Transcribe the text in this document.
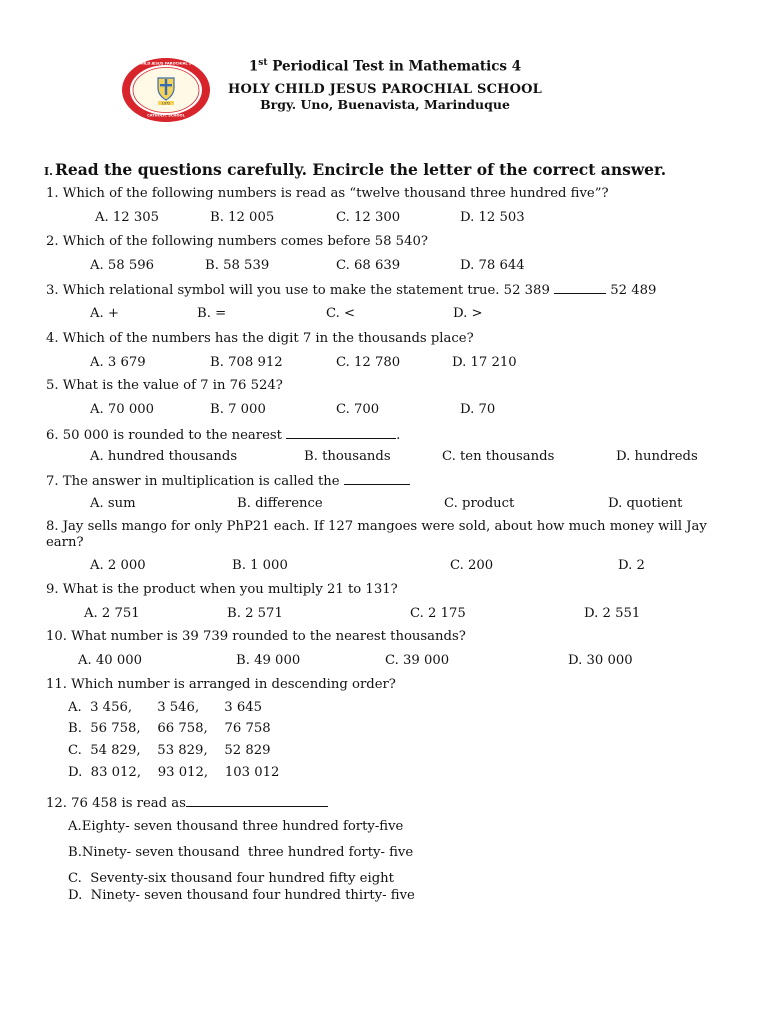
1972
CATHOLIC SCHOOL
HOLY CHILD JESUS PAROCHIAL SCHOOL	1st Periodical Test in Mathematics 4
HOLY CHILD JESUS PAROCHIAL SCHOOL
Brgy. Uno, Buenavista, Marinduque
I. Read the questions carefully. Encircle the letter of the correct answer.
1. Which of the following numbers is read as “twelve thousand three hundred five”?
A. 12 305	B. 12 005	C. 12 300	D. 12 503
2. Which of the following numbers comes before 58 540?
A. 58 596	B. 58 539	C. 68 639	D. 78 644
3. Which relational symbol will you use to make the statement true. 52 389	52 489
A. +	B. =	C. <	D. >
4. Which of the numbers has the digit 7 in the thousands place?
A. 3 679	B. 708 912	C. 12 780	D. 17 210
5. What is the value of 7 in 76 524?
A. 70 000	B. 7 000	C. 700	D. 70
6. 50 000 is rounded to the nearest	.
A. hundred thousands	B. thousands	C. ten thousands	D. hundreds
7. The answer in multiplication is called the
A. sum	B. difference	C. product	D. quotient
8. Jay sells mango for only PhP21 each. If 127 mangoes were sold, about how much money will Jay earn?
A. 2 000	B. 1 000	C. 200	D. 2
9. What is the product when you multiply 21 to 131?
A. 2 751	B. 2 571	C. 2 175	D. 2 551
10. What number is 39 739 rounded to the nearest thousands?
A. 40 000	B. 49 000	C. 39 000	D. 30 000
11. Which number is arranged in descending order?
A.  3 456,      3 546,      3 645
B.  56 758,    66 758,    76 758
C.  54 829,    53 829,    52 829
D.  83 012,    93 012,    103 012
12. 76 458 is read as
A.Eighty- seven thousand three hundred forty-five
B.Ninety- seven thousand  three hundred forty- five
C.  Seventy-six thousand four hundred fifty eight
D.  Ninety- seven thousand four hundred thirty- five
